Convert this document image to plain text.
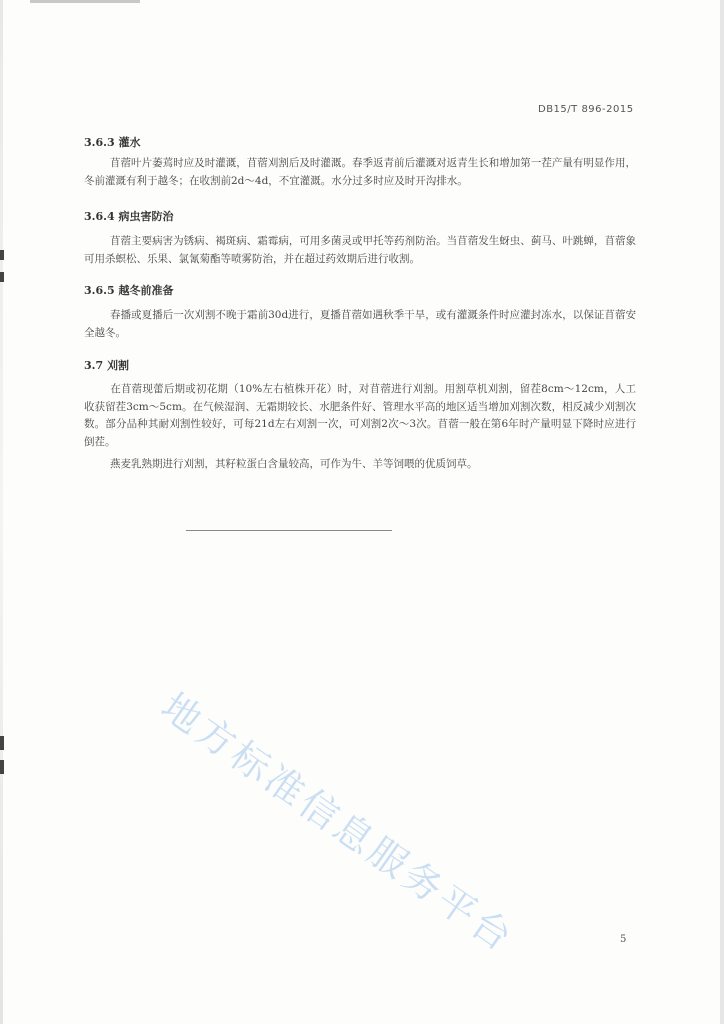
DB15/T 896-2015
3.6.3 灌水
苜蓿叶片萎蔫时应及时灌溉，苜蓿刈割后及时灌溉。春季返青前后灌溉对返青生长和增加第一茬产量有明显作用，冬前灌溉有利于越冬；在收割前2d～4d，不宜灌溉。水分过多时应及时开沟排水。
3.6.4 病虫害防治
苜蓿主要病害为锈病、褐斑病、霜霉病，可用多菌灵或甲托等药剂防治。当苜蓿发生蚜虫、蓟马、叶跳蝉，苜蓿象可用杀螟松、乐果、氯氰菊酯等喷雾防治，并在超过药效期后进行收割。
3.6.5 越冬前准备
春播或夏播后一次刈割不晚于霜前30d进行，夏播苜蓿如遇秋季干旱，或有灌溉条件时应灌封冻水，以保证苜蓿安全越冬。
3.7 刈割
在苜蓿现蕾后期或初花期（10%左右植株开花）时，对苜蓿进行刈割。用割草机刈割，留茬8cm～12cm，人工收获留茬3cm～5cm。在气候湿润、无霜期较长、水肥条件好、管理水平高的地区适当增加刈割次数，相反减少刈割次数。部分品种其耐刈割性较好，可每21d左右刈割一次，可刈割2次～3次。苜蓿一般在第6年时产量明显下降时应进行倒茬。
燕麦乳熟期进行刈割，其籽粒蛋白含量较高，可作为牛、羊等饲喂的优质饲草。
地方标准信息服务平台	5
